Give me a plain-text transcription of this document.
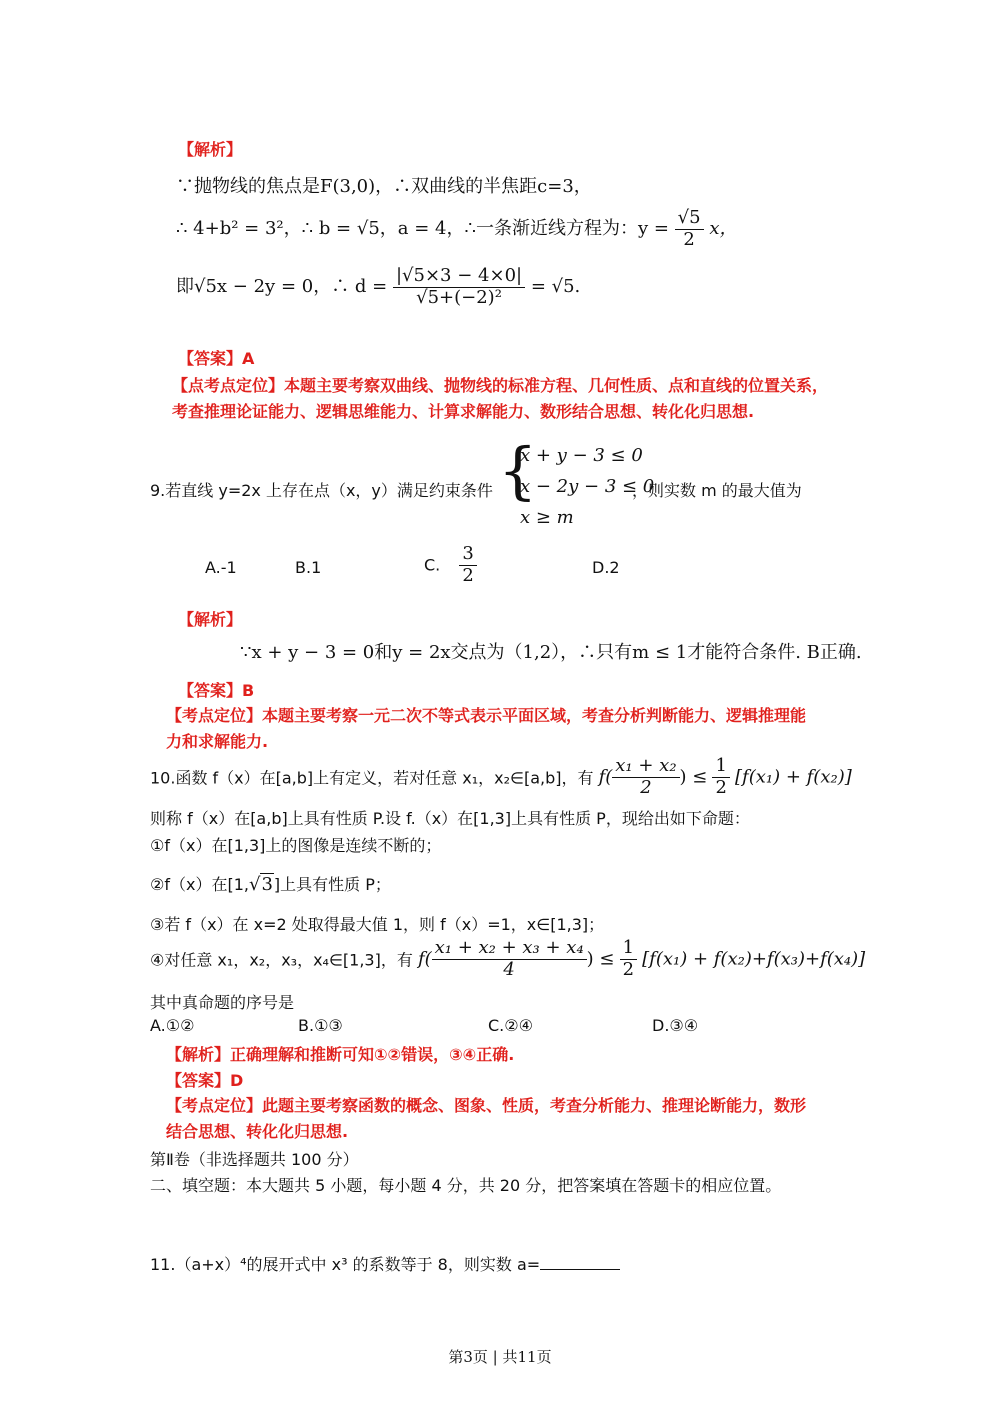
【解析】
∵抛物线的焦点是F(3,0)，∴双曲线的半焦距c=3，
∴ 4+b² = 3²，∴ b = √5，a = 4，∴一条渐近线方程为：$y = \frac{√5}{2}$ x，
即√5x − 2y = 0，∴ $d = \frac{|√5\times 3 - 4\times 0|}{\text{√5+(−2)²}} = √5$.
【答案】A
【点考点定位】本题主要考察双曲线、抛物线的标准方程、几何性质、点和直线的位置关系，
考查推理论证能力、逻辑思维能力、计算求解能力、数形结合思想、转化化归思想.
9.若直线 y=2x 上存在点（x，y）满足约束条件 {
x + y − 3 ≤ 0
x − 2y − 3 ≤ 0
x ≥ m
，则实数 m 的最大值为
A.-1	B.1	C. $\frac{3}{2}$	D.2
【解析】
∵x + y − 3 = 0和y = 2x交点为（1,2），∴只有m ≤ 1才能符合条件. B正确.
【答案】B
【考点定位】本题主要考察一元二次不等式表示平面区域，考查分析判断能力、逻辑推理能
力和求解能力.
10.函数 f（x）在[a,b]上有定义，若对任意 x₁，x₂∈[a,b]，有 $f( \frac{\text{x₁ + x₂}}{2}$ ) ≤ $\frac{1}{2} [f(x_1) + f(x_2)]$
则称 f（x）在[a,b]上具有性质 P.设 f.（x）在[1,3]上具有性质 P，现给出如下命题：
①f（x）在[1,3]上的图像是连续不断的；
②f（x）在[1,√3]上具有性质 P；
③若 f（x）在 x=2 处取得最大值 1，则 f（x）=1，x∈[1,3]；
④对任意 x₁，x₂，x₃，x₄∈[1,3]，有 $f( \frac{\text{x₁ + x₂ + x₃ + x₄}}{4}$ ) ≤ $\frac{1}{2} [f(x_1) + f(x_2)+f(x_3)+f(x_4)]$
其中真命题的序号是
A.①②	B.①③	C.②④	D.③④
【解析】正确理解和推断可知①②错误，③④正确.
【答案】D
【考点定位】此题主要考察函数的概念、图象、性质，考查分析能力、推理论断能力，数形
结合思想、转化化归思想.
第Ⅱ卷（非选择题共 100 分）
二、填空题：本大题共 5 小题，每小题 4 分，共 20 分，把答案填在答题卡的相应位置。
11.（a+x）⁴的展开式中 x³ 的系数等于 8，则实数 a=
第3页 | 共11页
